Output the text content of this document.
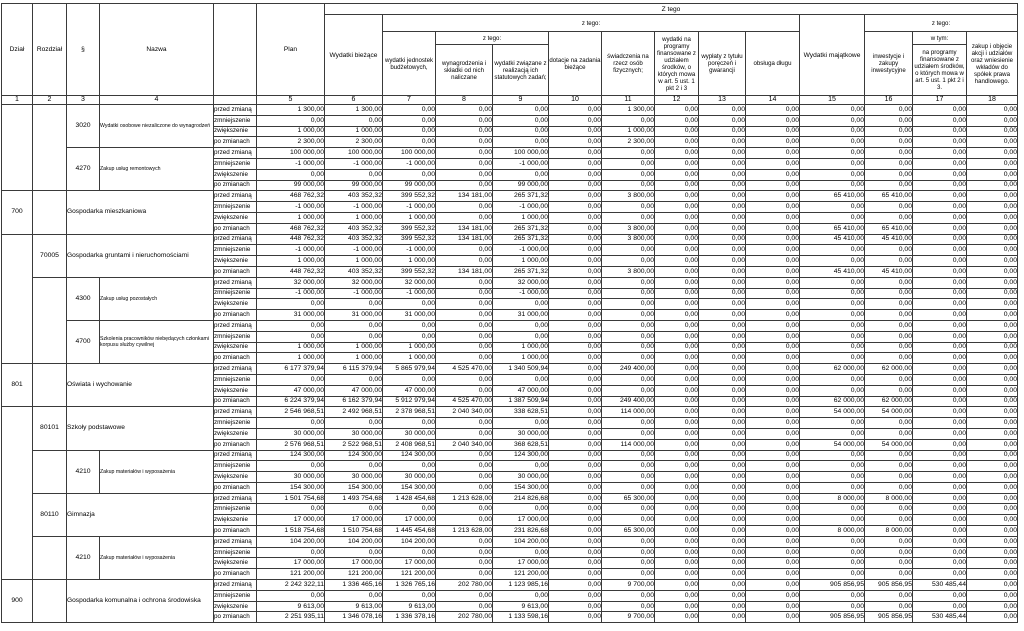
Dział	Rozdział	§	Nazwa		Plan	Z tego												
						Wydatki bieżące	z tego:								Wydatki majątkowe	z tego:		
							wydatki jednostek budżetowych,	z tego:		dotacje na zadania bieżące	świadczenia na rzecz osób fizycznych;	wydatki na programy finansowane z udziałem środków, o których mowa w art. 5 ust. 1 pkt 2 i 3	wypłaty z tytułu poręczeń i gwarancji	obsługa długu		inwestycje i zakupy inwestycyjne	w tym:	zakup i objęcie akcji i udziałów oraz wniesienie wkładów do spółek prawa handlowego.
								wynagrodzenia i składki od nich naliczane	wydatki związane z realizacją ich statutowych zadań;								na programy finansowane z udziałem środków, o których mowa w art. 5 ust. 1 pkt 2 i 3.	
1	2	3	4		5	6	7	8	9	10	11	12	13	14	15	16	17	18
		3020	Wydatki osobowe niezaliczone do wynagrodzeń	przed zmianą	1 300,00	1 300,00	0,00	0,00	0,00	0,00	1 300,00	0,00	0,00	0,00	0,00	0,00	0,00	0,00
				zmniejszenie	0,00	0,00	0,00	0,00	0,00	0,00	0,00	0,00	0,00	0,00	0,00	0,00	0,00	0,00
				zwiększenie	1 000,00	1 000,00	0,00	0,00	0,00	0,00	1 000,00	0,00	0,00	0,00	0,00	0,00	0,00	0,00
				po zmianach	2 300,00	2 300,00	0,00	0,00	0,00	0,00	2 300,00	0,00	0,00	0,00	0,00	0,00	0,00	0,00
		4270	Zakup usług remontowych	przed zmianą	100 000,00	100 000,00	100 000,00	0,00	100 000,00	0,00	0,00	0,00	0,00	0,00	0,00	0,00	0,00	0,00
				zmniejszenie	-1 000,00	-1 000,00	-1 000,00	0,00	-1 000,00	0,00	0,00	0,00	0,00	0,00	0,00	0,00	0,00	0,00
				zwiększenie	0,00	0,00	0,00	0,00	0,00	0,00	0,00	0,00	0,00	0,00	0,00	0,00	0,00	0,00
				po zmianach	99 000,00	99 000,00	99 000,00	0,00	99 000,00	0,00	0,00	0,00	0,00	0,00	0,00	0,00	0,00	0,00
700		Gospodarka mieszkaniowa		przed zmianą	468 762,32	403 352,32	399 552,32	134 181,00	265 371,32	0,00	3 800,00	0,00	0,00	0,00	65 410,00	65 410,00	0,00	0,00
				zmniejszenie	-1 000,00	-1 000,00	-1 000,00	0,00	-1 000,00	0,00	0,00	0,00	0,00	0,00	0,00	0,00	0,00	0,00
				zwiększenie	1 000,00	1 000,00	1 000,00	0,00	1 000,00	0,00	0,00	0,00	0,00	0,00	0,00	0,00	0,00	0,00
				po zmianach	468 762,32	403 352,32	399 552,32	134 181,00	265 371,32	0,00	3 800,00	0,00	0,00	0,00	65 410,00	65 410,00	0,00	0,00
	70005	Gospodarka gruntami i nieruchomościami		przed zmianą	448 762,32	403 352,32	399 552,32	134 181,00	265 371,32	0,00	3 800,00	0,00	0,00	0,00	45 410,00	45 410,00	0,00	0,00
				zmniejszenie	-1 000,00	-1 000,00	-1 000,00	0,00	-1 000,00	0,00	0,00	0,00	0,00	0,00	0,00	0,00	0,00	0,00
				zwiększenie	1 000,00	1 000,00	1 000,00	0,00	1 000,00	0,00	0,00	0,00	0,00	0,00	0,00	0,00	0,00	0,00
				po zmianach	448 762,32	403 352,32	399 552,32	134 181,00	265 371,32	0,00	3 800,00	0,00	0,00	0,00	45 410,00	45 410,00	0,00	0,00
		4300	Zakup usług pozostałych	przed zmianą	32 000,00	32 000,00	32 000,00	0,00	32 000,00	0,00	0,00	0,00	0,00	0,00	0,00	0,00	0,00	0,00
				zmniejszenie	-1 000,00	-1 000,00	-1 000,00	0,00	-1 000,00	0,00	0,00	0,00	0,00	0,00	0,00	0,00	0,00	0,00
				zwiększenie	0,00	0,00	0,00	0,00	0,00	0,00	0,00	0,00	0,00	0,00	0,00	0,00	0,00	0,00
				po zmianach	31 000,00	31 000,00	31 000,00	0,00	31 000,00	0,00	0,00	0,00	0,00	0,00	0,00	0,00	0,00	0,00
		4700	Szkolenia pracowników niebędących członkami korpusu służby cywilnej	przed zmianą	0,00	0,00	0,00	0,00	0,00	0,00	0,00	0,00	0,00	0,00	0,00	0,00	0,00	0,00
				zmniejszenie	0,00	0,00	0,00	0,00	0,00	0,00	0,00	0,00	0,00	0,00	0,00	0,00	0,00	0,00
				zwiększenie	1 000,00	1 000,00	1 000,00	0,00	1 000,00	0,00	0,00	0,00	0,00	0,00	0,00	0,00	0,00	0,00
				po zmianach	1 000,00	1 000,00	1 000,00	0,00	1 000,00	0,00	0,00	0,00	0,00	0,00	0,00	0,00	0,00	0,00
801		Oświata i wychowanie		przed zmianą	6 177 379,94	6 115 379,94	5 865 979,94	4 525 470,00	1 340 509,94	0,00	249 400,00	0,00	0,00	0,00	62 000,00	62 000,00	0,00	0,00
				zmniejszenie	0,00	0,00	0,00	0,00	0,00	0,00	0,00	0,00	0,00	0,00	0,00	0,00	0,00	0,00
				zwiększenie	47 000,00	47 000,00	47 000,00	0,00	47 000,00	0,00	0,00	0,00	0,00	0,00	0,00	0,00	0,00	0,00
				po zmianach	6 224 379,94	6 162 379,94	5 912 979,94	4 525 470,00	1 387 509,94	0,00	249 400,00	0,00	0,00	0,00	62 000,00	62 000,00	0,00	0,00
	80101	Szkoły podstawowe		przed zmianą	2 546 968,51	2 492 968,51	2 378 968,51	2 040 340,00	338 628,51	0,00	114 000,00	0,00	0,00	0,00	54 000,00	54 000,00	0,00	0,00
				zmniejszenie	0,00	0,00	0,00	0,00	0,00	0,00	0,00	0,00	0,00	0,00	0,00	0,00	0,00	0,00
				zwiększenie	30 000,00	30 000,00	30 000,00	0,00	30 000,00	0,00	0,00	0,00	0,00	0,00	0,00	0,00	0,00	0,00
				po zmianach	2 576 968,51	2 522 968,51	2 408 968,51	2 040 340,00	368 628,51	0,00	114 000,00	0,00	0,00	0,00	54 000,00	54 000,00	0,00	0,00
		4210	Zakup materiałów i wyposażenia	przed zmianą	124 300,00	124 300,00	124 300,00	0,00	124 300,00	0,00	0,00	0,00	0,00	0,00	0,00	0,00	0,00	0,00
				zmniejszenie	0,00	0,00	0,00	0,00	0,00	0,00	0,00	0,00	0,00	0,00	0,00	0,00	0,00	0,00
				zwiększenie	30 000,00	30 000,00	30 000,00	0,00	30 000,00	0,00	0,00	0,00	0,00	0,00	0,00	0,00	0,00	0,00
				po zmianach	154 300,00	154 300,00	154 300,00	0,00	154 300,00	0,00	0,00	0,00	0,00	0,00	0,00	0,00	0,00	0,00
	80110	Gimnazja		przed zmianą	1 501 754,68	1 493 754,68	1 428 454,68	1 213 628,00	214 826,68	0,00	65 300,00	0,00	0,00	0,00	8 000,00	8 000,00	0,00	0,00
				zmniejszenie	0,00	0,00	0,00	0,00	0,00	0,00	0,00	0,00	0,00	0,00	0,00	0,00	0,00	0,00
				zwiększenie	17 000,00	17 000,00	17 000,00	0,00	17 000,00	0,00	0,00	0,00	0,00	0,00	0,00	0,00	0,00	0,00
				po zmianach	1 518 754,68	1 510 754,68	1 445 454,68	1 213 628,00	231 826,68	0,00	65 300,00	0,00	0,00	0,00	8 000,00	8 000,00	0,00	0,00
		4210	Zakup materiałów i wyposażenia	przed zmianą	104 200,00	104 200,00	104 200,00	0,00	104 200,00	0,00	0,00	0,00	0,00	0,00	0,00	0,00	0,00	0,00
				zmniejszenie	0,00	0,00	0,00	0,00	0,00	0,00	0,00	0,00	0,00	0,00	0,00	0,00	0,00	0,00
				zwiększenie	17 000,00	17 000,00	17 000,00	0,00	17 000,00	0,00	0,00	0,00	0,00	0,00	0,00	0,00	0,00	0,00
				po zmianach	121 200,00	121 200,00	121 200,00	0,00	121 200,00	0,00	0,00	0,00	0,00	0,00	0,00	0,00	0,00	0,00
900		Gospodarka komunalna i ochrona środowiska		przed zmianą	2 242 322,11	1 336 465,16	1 326 765,16	202 780,00	1 123 985,16	0,00	9 700,00	0,00	0,00	0,00	905 856,95	905 856,95	530 485,44	0,00
				zmniejszenie	0,00	0,00	0,00	0,00	0,00	0,00	0,00	0,00	0,00	0,00	0,00	0,00	0,00	0,00
				zwiększenie	9 613,00	9 613,00	9 613,00	0,00	9 613,00	0,00	0,00	0,00	0,00	0,00	0,00	0,00	0,00	0,00
				po zmianach	2 251 935,11	1 346 078,16	1 336 378,16	202 780,00	1 133 598,16	0,00	9 700,00	0,00	0,00	0,00	905 856,95	905 856,95	530 485,44	0,00
